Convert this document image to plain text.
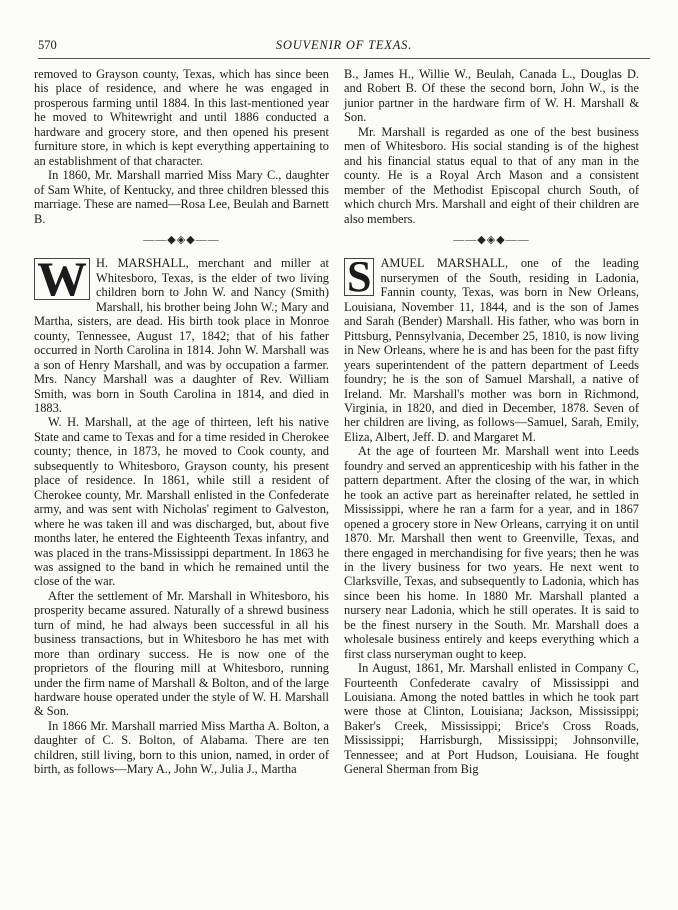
570	SOUVENIR OF TEXAS.

removed to Grayson county, Texas, which has since been his place of residence, and where he was engaged in prosperous farming until 1884. In this last-mentioned year he moved to Whitewright and until 1886 conducted a hardware and grocery store, and then opened his present furniture store, in which is kept everything appertaining to an establishment of that character.

In 1860, Mr. Marshall married Miss Mary C., daughter of Sam White, of Kentucky, and three children blessed this marriage. These are named—Rosa Lee, Beulah and Barnett B.

——◆◈◆——

W H. MARSHALL, merchant and miller at Whitesboro, Texas, is the elder of two living children born to John W. and Nancy (Smith) Marshall, his brother being John W.; Mary and Martha, sisters, are dead. His birth took place in Monroe county, Tennessee, August 17, 1842; that of his father occurred in North Carolina in 1814. John W. Marshall was a son of Henry Marshall, and was by occupation a farmer. Mrs. Nancy Marshall was a daughter of Rev. William Smith, was born in South Carolina in 1814, and died in 1883.

W. H. Marshall, at the age of thirteen, left his native State and came to Texas and for a time resided in Cherokee county; thence, in 1873, he moved to Cook county, and subsequently to Whitesboro, Grayson county, his present place of residence. In 1861, while still a resident of Cherokee county, Mr. Marshall enlisted in the Confederate army, and was sent with Nicholas' regiment to Galveston, where he was taken ill and was discharged, but, about five months later, he entered the Eighteenth Texas infantry, and was placed in the trans-Mississippi department. In 1863 he was assigned to the band in which he remained until the close of the war.

After the settlement of Mr. Marshall in Whitesboro, his prosperity became assured. Naturally of a shrewd business turn of mind, he had always been successful in all his business transactions, but in Whitesboro he has met with more than ordinary success. He is now one of the proprietors of the flouring mill at Whitesboro, running under the firm name of Marshall & Bolton, and of the large hardware house operated under the style of W. H. Marshall & Son.

In 1866 Mr. Marshall married Miss Martha A. Bolton, a daughter of C. S. Bolton, of Alabama. There are ten children, still living, born to this union, named, in order of birth, as follows—Mary A., John W., Julia J., Martha

B., James H., Willie W., Beulah, Canada L., Douglas D. and Robert B. Of these the second born, John W., is the junior partner in the hardware firm of W. H. Marshall & Son.

Mr. Marshall is regarded as one of the best business men of Whitesboro. His social standing is of the highest and his financial status equal to that of any man in the county. He is a Royal Arch Mason and a consistent member of the Methodist Episcopal church South, of which church Mrs. Marshall and eight of their children are also members.

——◆◈◆——

S AMUEL MARSHALL, one of the leading nurserymen of the South, residing in Ladonia, Fannin county, Texas, was born in New Orleans, Louisiana, November 11, 1844, and is the son of James and Sarah (Bender) Marshall. His father, who was born in Pittsburg, Pennsylvania, December 25, 1810, is now living in New Orleans, where he is and has been for the past fifty years superintendent of the pattern department of Leeds foundry; he is the son of Samuel Marshall, a native of Ireland. Mr. Marshall's mother was born in Richmond, Virginia, in 1820, and died in December, 1878. Seven of her children are living, as follows—Samuel, Sarah, Emily, Eliza, Albert, Jeff. D. and Margaret M.

At the age of fourteen Mr. Marshall went into Leeds foundry and served an apprenticeship with his father in the pattern department. After the closing of the war, in which he took an active part as hereinafter related, he settled in Mississippi, where he ran a farm for a year, and in 1867 opened a grocery store in New Orleans, carrying it on until 1870. Mr. Marshall then went to Greenville, Texas, and there engaged in merchandising for five years; then he was in the livery business for two years. He next went to Clarksville, Texas, and subsequently to Ladonia, which has since been his home. In 1880 Mr. Marshall planted a nursery near Ladonia, which he still operates. It is said to be the finest nursery in the South. Mr. Marshall does a wholesale business entirely and keeps everything which a first class nurseryman ought to keep.

In August, 1861, Mr. Marshall enlisted in Company C, Fourteenth Confederate cavalry of Mississippi and Louisiana. Among the noted battles in which he took part were those at Clinton, Louisiana; Jackson, Mississippi; Baker's Creek, Mississippi; Brice's Cross Roads, Mississippi; Harrisburgh, Mississippi; Johnsonville, Tennessee; and at Port Hudson, Louisiana. He fought General Sherman from Big
